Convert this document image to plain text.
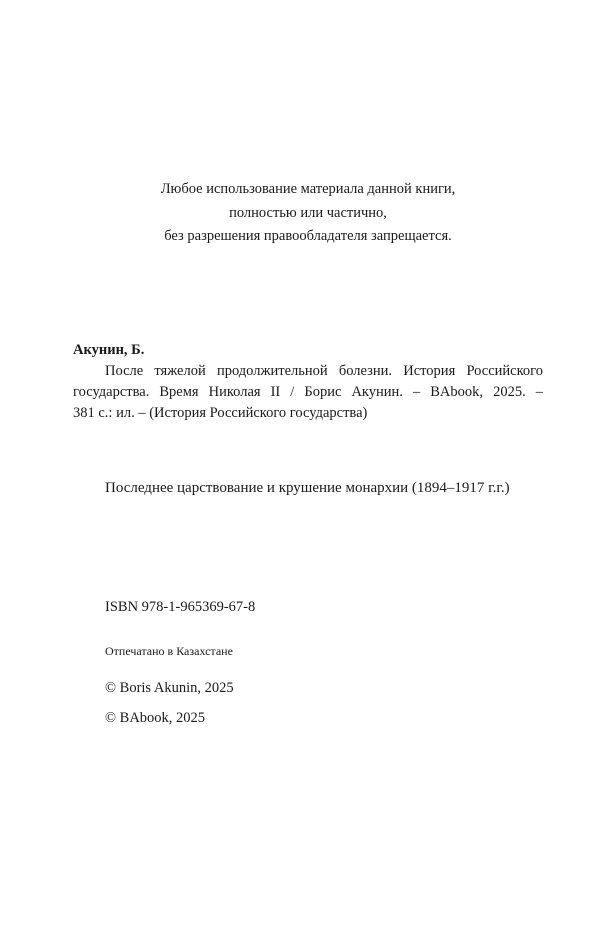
Любое использование материала данной книги,
полностью или частично,
без разрешения правообладателя запрещается.
Акунин, Б.
После тяжелой продолжительной болезни. История Российского
государства. Время Николая II / Борис Акунин. – BAbook, 2025. –
381 с.: ил. – (История Российского государства)
Последнее царствование и крушение монархии (1894–1917 г.г.)
ISBN 978-1-965369-67-8
Отпечатано в Казахстане
© Boris Akunin, 2025
© BAbook, 2025
